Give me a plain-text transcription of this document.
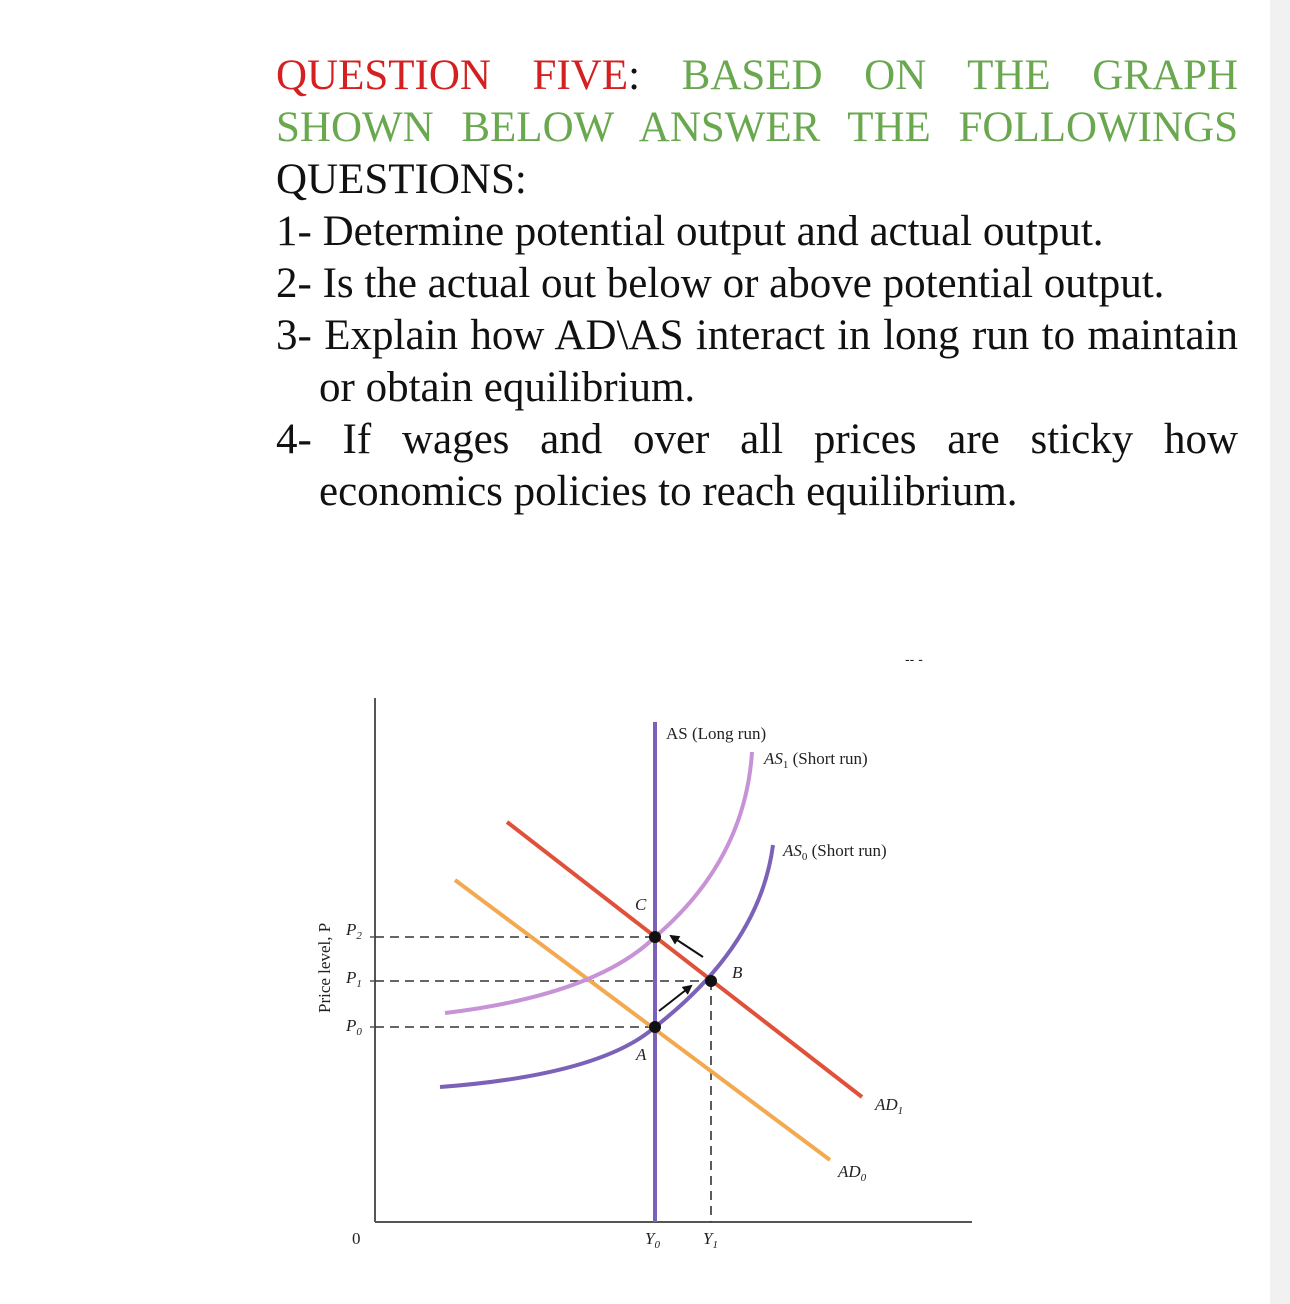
QUESTION FIVE: BASED ON THE GRAPH SHOWN BELOW ANSWER THE FOLLOWINGS QUESTIONS:
1- Determine potential output and actual output.
2- Is the actual out below or above potential output.
3- Explain how AD\AS interact in long run to maintain or obtain equilibrium.
4- If wages and over all prices are sticky how economics policies to reach equilibrium.
-- -
Price level, P
0
$P_2$
$P_1$
$P_0$
C
B
A
AS (Long run)
$AS_1$ (Short run)
$AS_0$ (Short run)
$AD_1$
$AD_0$
$Y_0$	$Y_1$
